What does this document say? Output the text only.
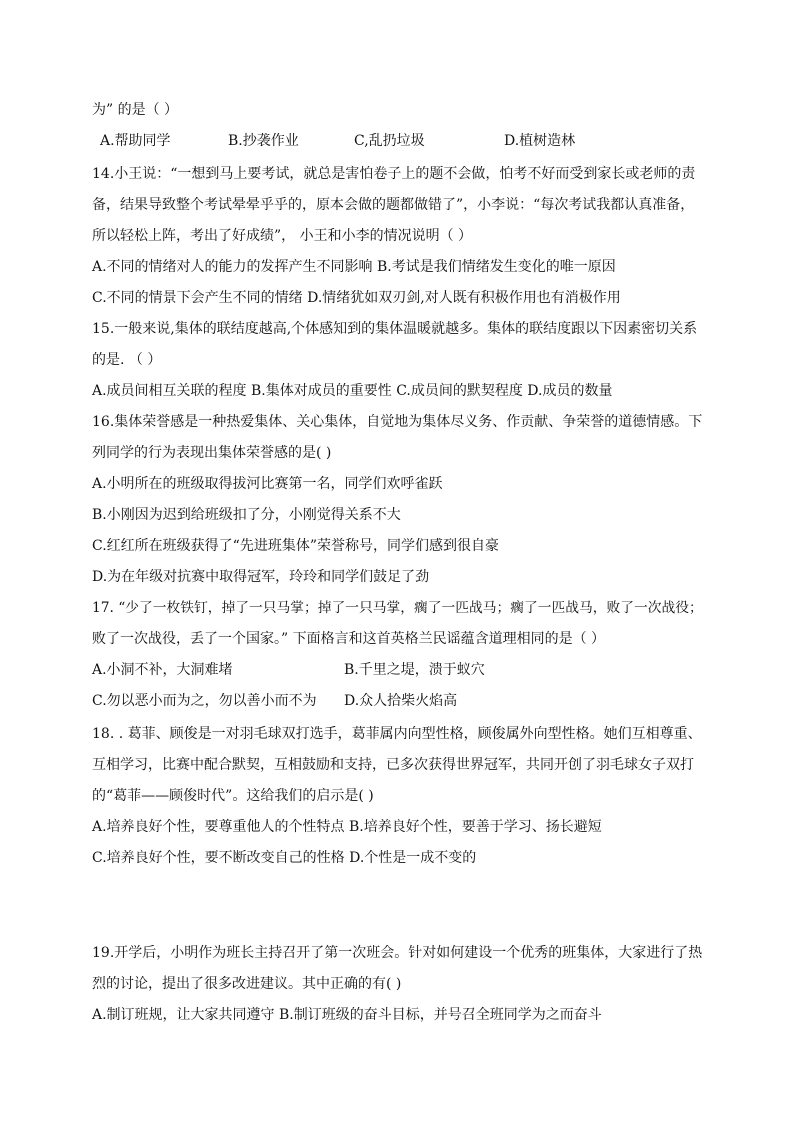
为” 的是（ ）
A.帮助同学	B.抄袭作业	C,乱扔垃圾	D.植树造林
14.小王说：“一想到马上要考试，就总是害怕卷子上的题不会做，怕考不好而受到家长或老师的责
备，结果导致整个考试晕晕乎乎的，原本会做的题都做错了”，小李说：“每次考试我都认真准备，
所以轻松上阵，考出了好成绩”， 小王和小李的情况说明（ ）
A.不同的情绪对人的能力的发挥产生不同影响 B.考试是我们情绪发生变化的唯一原因
C.不同的情景下会产生不同的情绪 D.情绪犹如双刃剑,对人既有积极作用也有消极作用
15.一般来说,集体的联结度越高,个体感知到的集体温暖就越多。集体的联结度跟以下因素密切关系
的是. （ ）
A.成员间相互关联的程度 B.集体对成员的重要性 C.成员间的默契程度 D.成员的数量
16.集体荣誉感是一种热爱集体、关心集体，自觉地为集体尽义务、作贡献、争荣誉的道德情感。下
列同学的行为表现出集体荣誉感的是( )
A.小明所在的班级取得拔河比赛第一名，同学们欢呼雀跃
B.小刚因为迟到给班级扣了分，小刚觉得关系不大
C.红红所在班级获得了“先进班集体”荣誉称号，同学们感到很自豪
D.为在年级对抗赛中取得冠军，玲玲和同学们鼓足了劲
17. “少了一枚铁钉，掉了一只马掌；掉了一只马掌，瘸了一匹战马；瘸了一匹战马，败了一次战役；
败了一次战役，丢了一个国家。” 下面格言和这首英格兰民谣蕴含道理相同的是（ ）
A.小洞不补，大洞难堵	B.千里之堤，溃于蚁穴
C.勿以恶小而为之，勿以善小而不为 D.众人拾柴火焰高
18. . 葛菲、顾俊是一对羽毛球双打选手，葛菲属内向型性格，顾俊属外向型性格。她们互相尊重、
互相学习，比赛中配合默契，互相鼓励和支持，已多次获得世界冠军，共同开创了羽毛球女子双打
的“葛菲——顾俊时代”。这给我们的启示是( )
A.培养良好个性，要尊重他人的个性特点 B.培养良好个性，要善于学习、扬长避短
C.培养良好个性，要不断改变自己的性格 D.个性是一成不变的
19.开学后，小明作为班长主持召开了第一次班会。针对如何建设一个优秀的班集体，大家进行了热
烈的讨论，提出了很多改进建议。其中正确的有( )
A.制订班规，让大家共同遵守 B.制订班级的奋斗目标，并号召全班同学为之而奋斗
